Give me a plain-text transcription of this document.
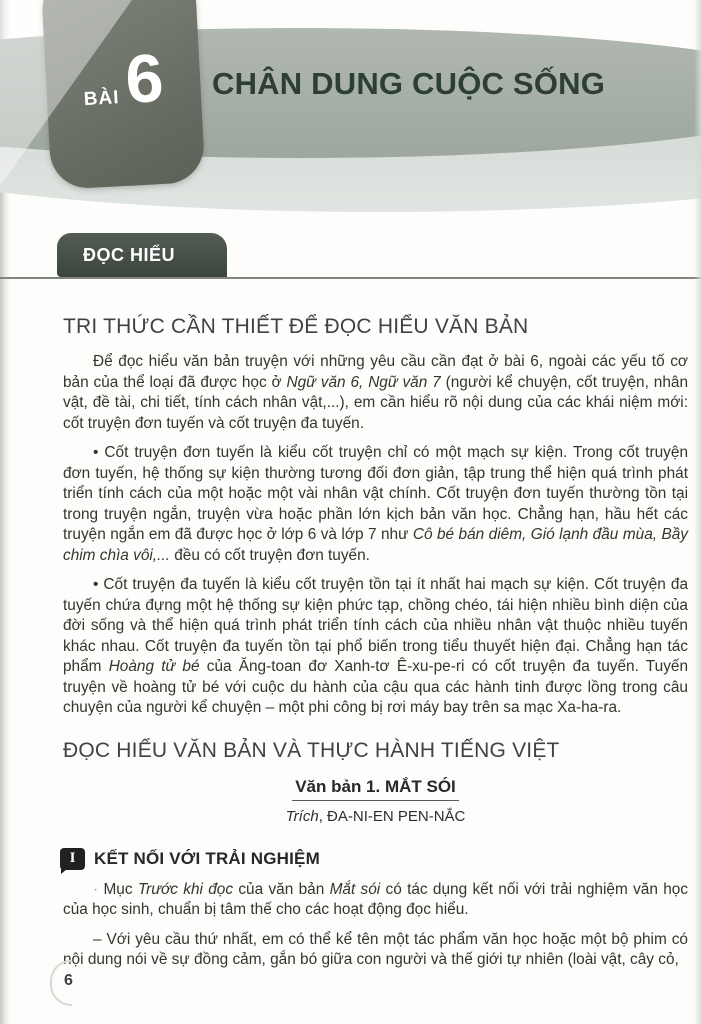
BÀI 6 CHÂN DUNG CUỘC SỐNG
ĐỌC HIỂU
TRI THỨC CẦN THIẾT ĐỂ ĐỌC HIỂU VĂN BẢN

Để đọc hiểu văn bản truyện với những yêu cầu cần đạt ở bài 6, ngoài các yếu tố cơ bản của thể loại đã được học ở Ngữ văn 6, Ngữ văn 7 (người kể chuyện, cốt truyện, nhân vật, đề tài, chi tiết, tính cách nhân vật,...), em cần hiểu rõ nội dung của các khái niệm mới: cốt truyện đơn tuyến và cốt truyện đa tuyến.

• Cốt truyện đơn tuyến là kiểu cốt truyện chỉ có một mạch sự kiện. Trong cốt truyện đơn tuyến, hệ thống sự kiện thường tương đối đơn giản, tập trung thể hiện quá trình phát triển tính cách của một hoặc một vài nhân vật chính. Cốt truyện đơn tuyến thường tồn tại trong truyện ngắn, truyện vừa hoặc phần lớn kịch bản văn học. Chẳng hạn, hầu hết các truyện ngắn em đã được học ở lớp 6 và lớp 7 như Cô bé bán diêm, Gió lạnh đầu mùa, Bầy chim chìa vôi,... đều có cốt truyện đơn tuyến.

• Cốt truyện đa tuyến là kiểu cốt truyện tồn tại ít nhất hai mạch sự kiện. Cốt truyện đa tuyến chứa đựng một hệ thống sự kiện phức tạp, chồng chéo, tái hiện nhiều bình diện của đời sống và thể hiện quá trình phát triển tính cách của nhiều nhân vật thuộc nhiều tuyến khác nhau. Cốt truyện đa tuyến tồn tại phổ biến trong tiểu thuyết hiện đại. Chẳng hạn tác phẩm Hoàng tử bé của Ăng-toan đơ Xanh-tơ Ê-xu-pe-ri có cốt truyện đa tuyến. Tuyến truyện về hoàng tử bé với cuộc du hành của cậu qua các hành tinh được lồng trong câu chuyện của người kể chuyện – một phi công bị rơi máy bay trên sa mạc Xa-ha-ra.

ĐỌC HIỂU VĂN BẢN VÀ THỰC HÀNH TIẾNG VIỆT
Văn bản 1. MẮT SÓI
Trích, ĐA-NI-EN PEN-NẮC
I KẾT NỐI VỚI TRẢI NGHIỆM

· Mục Trước khi đọc của văn bản Mắt sói có tác dụng kết nối với trải nghiệm văn học của học sinh, chuẩn bị tâm thế cho các hoạt động đọc hiểu.

– Với yêu cầu thứ nhất, em có thể kể tên một tác phẩm văn học hoặc một bộ phim có nội dung nói về sự đồng cảm, gắn bó giữa con người và thế giới tự nhiên (loài vật, cây cỏ,

6
